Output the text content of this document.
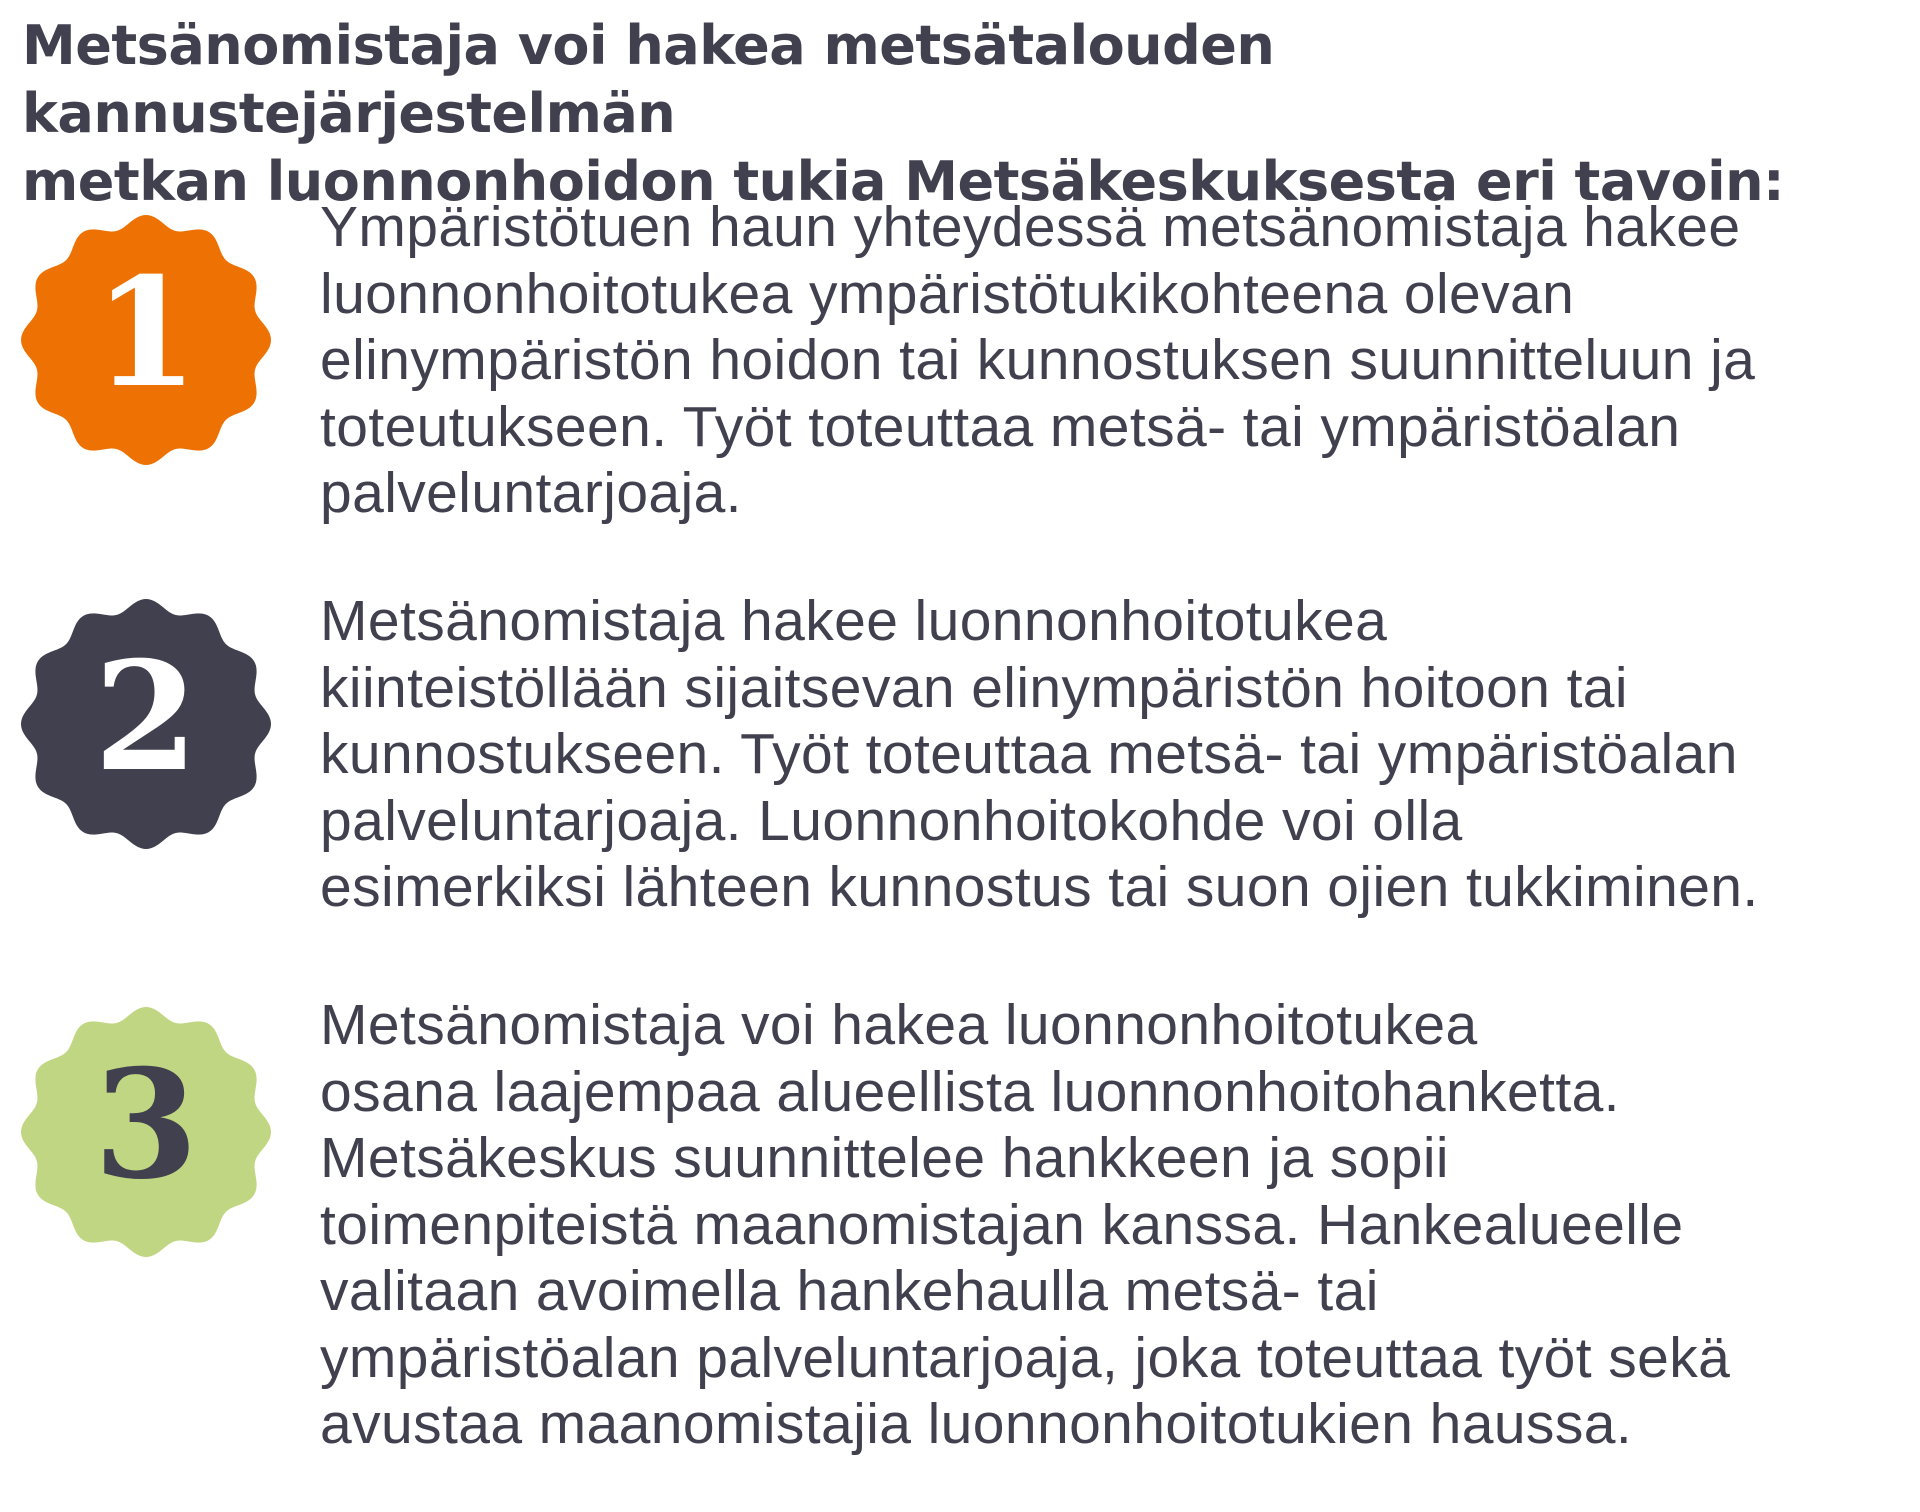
Metsänomistaja voi hakea metsätalouden kannustejärjestelmän
metkan luonnonhoidon tukia Metsäkeskuksesta eri tavoin:
1

Ympäristötuen haun yhteydessä metsänomistaja hakee
luonnonhoitotukea ympäristötukikohteena olevan
elinympäristön hoidon tai kunnostuksen suunnitteluun ja
toteutukseen. Työt toteuttaa metsä- tai ympäristöalan
palveluntarjoaja.

2

Metsänomistaja hakee luonnonhoitotukea
kiinteistöllään sijaitsevan elinympäristön hoitoon tai
kunnostukseen. Työt toteuttaa metsä- tai ympäristöalan
palveluntarjoaja. Luonnonhoitokohde voi olla
esimerkiksi lähteen kunnostus tai suon ojien tukkiminen.

3

Metsänomistaja voi hakea luonnonhoitotukea
osana laajempaa alueellista luonnonhoitohanketta.
Metsäkeskus suunnittelee hankkeen ja sopii
toimenpiteistä maanomistajan kanssa. Hankealueelle
valitaan avoimella hankehaulla metsä- tai
ympäristöalan palveluntarjoaja, joka toteuttaa työt sekä
avustaa maanomistajia luonnonhoitotukien haussa.
